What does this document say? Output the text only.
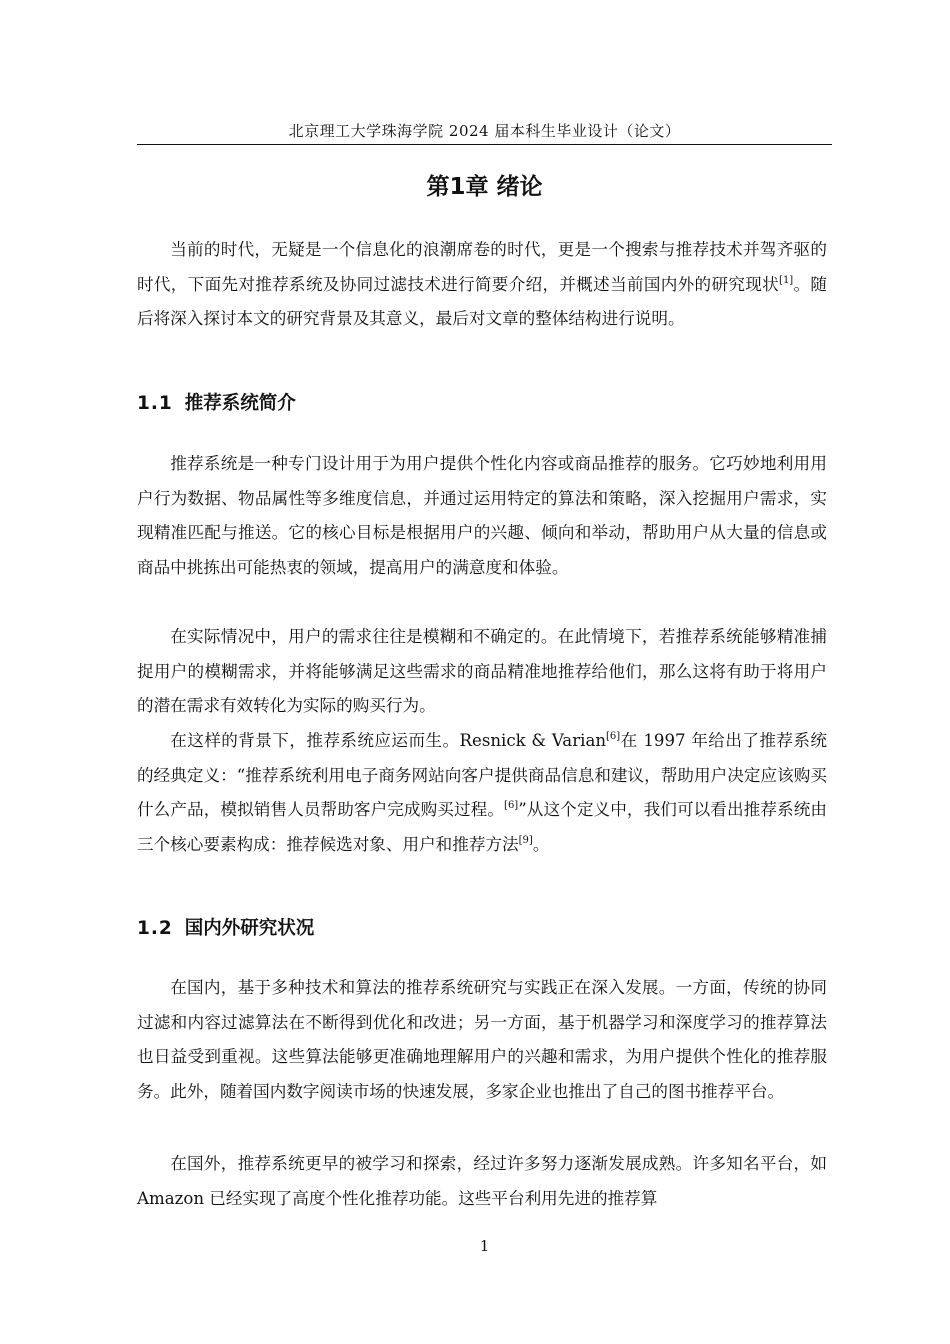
北京理工大学珠海学院 2024 届本科生毕业设计（论文）
第1章 绪论

当前的时代，无疑是一个信息化的浪潮席卷的时代，更是一个搜索与推荐技术并驾齐驱的时代，下面先对推荐系统及协同过滤技术进行简要介绍，并概述当前国内外的研究现状[1]。随后将深入探讨本文的研究背景及其意义，最后对文章的整体结构进行说明。

1.1 推荐系统简介

推荐系统是一种专门设计用于为用户提供个性化内容或商品推荐的服务。它巧妙地利用用户行为数据、物品属性等多维度信息，并通过运用特定的算法和策略，深入挖掘用户需求，实现精准匹配与推送。它的核心目标是根据用户的兴趣、倾向和举动，帮助用户从大量的信息或商品中挑拣出可能热衷的领域，提高用户的满意度和体验。

在实际情况中，用户的需求往往是模糊和不确定的。在此情境下，若推荐系统能够精准捕捉用户的模糊需求，并将能够满足这些需求的商品精准地推荐给他们，那么这将有助于将用户的潜在需求有效转化为实际的购买行为。

在这样的背景下，推荐系统应运而生。Resnick & Varian[6]在 1997 年给出了推荐系统的经典定义：“推荐系统利用电子商务网站向客户提供商品信息和建议，帮助用户决定应该购买什么产品，模拟销售人员帮助客户完成购买过程。[6]”从这个定义中，我们可以看出推荐系统由三个核心要素构成：推荐候选对象、用户和推荐方法[9]。

1.2 国内外研究状况

在国内，基于多种技术和算法的推荐系统研究与实践正在深入发展。一方面，传统的协同过滤和内容过滤算法在不断得到优化和改进；另一方面，基于机器学习和深度学习的推荐算法也日益受到重视。这些算法能够更准确地理解用户的兴趣和需求，为用户提供个性化的推荐服务。此外，随着国内数字阅读市场的快速发展，多家企业也推出了自己的图书推荐平台。

在国外，推荐系统更早的被学习和探索，经过许多努力逐渐发展成熟。许多知名平台，如 Amazon 已经实现了高度个性化推荐功能。这些平台利用先进的推荐算

1
